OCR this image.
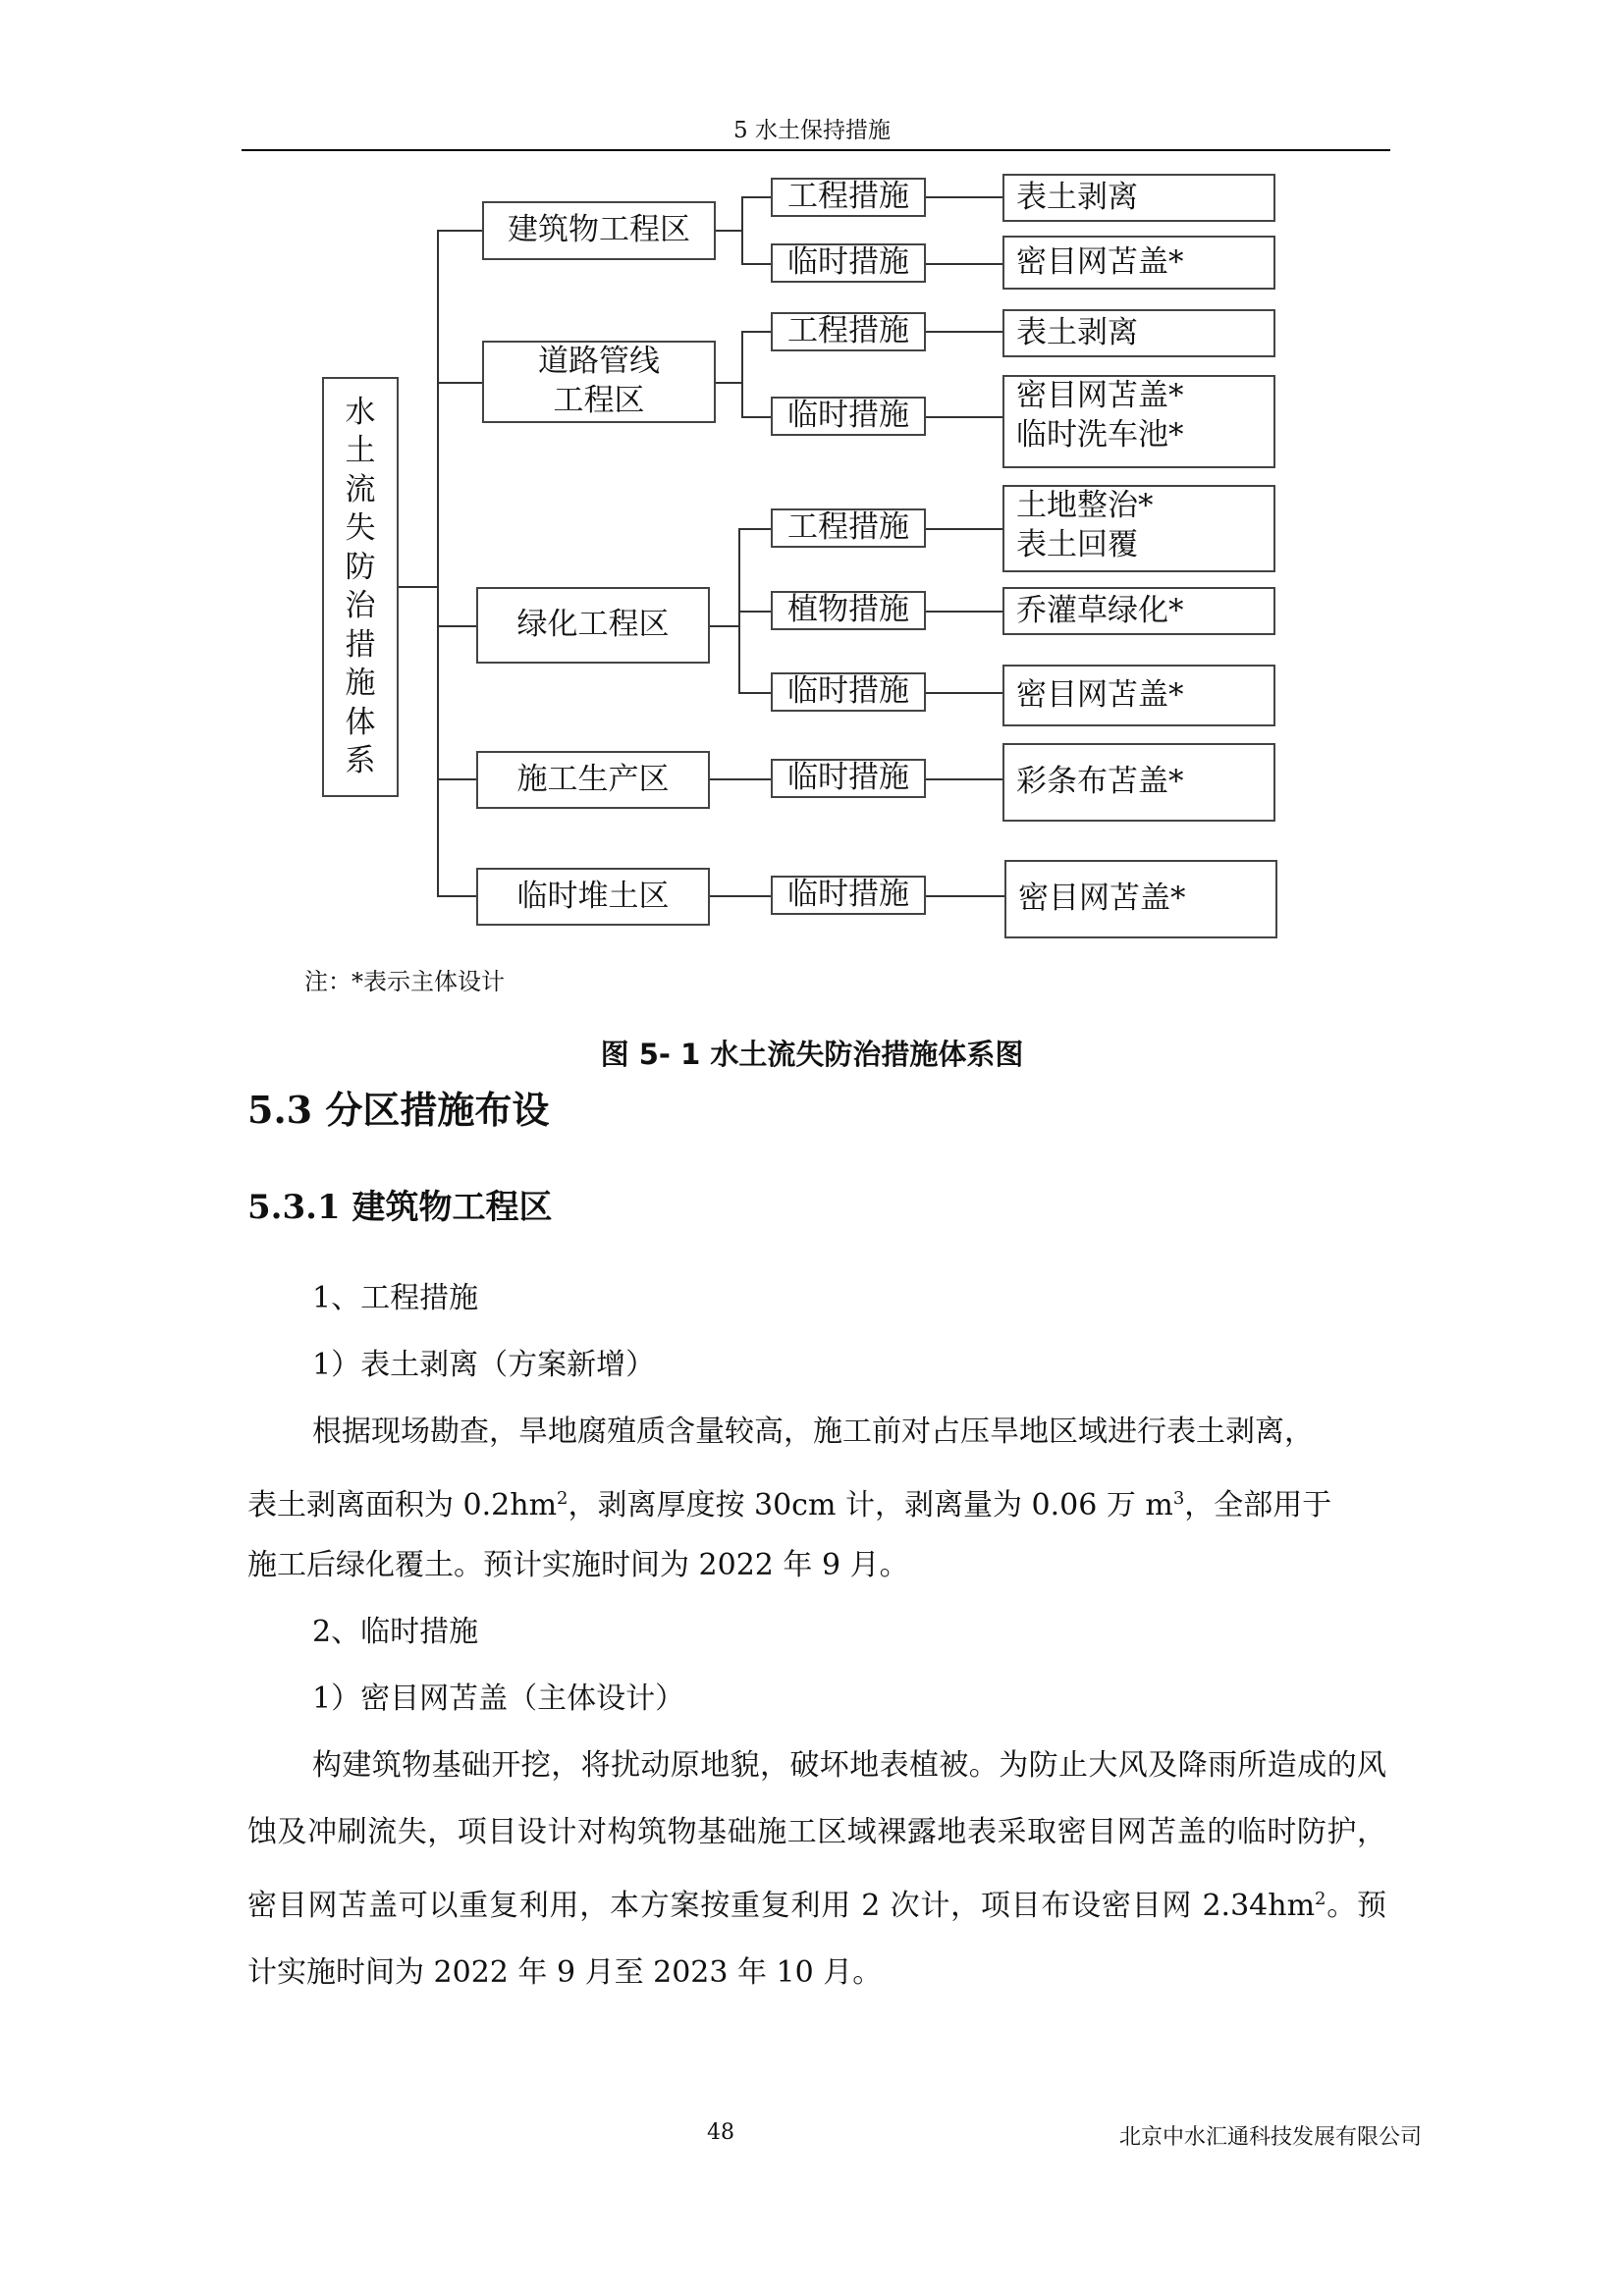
5 水土保持措施
水
土
流
失
防
治
措
施
体
系
建筑物工程区
道路管线
工程区
绿化工程区
施工生产区
临时堆土区
工程措施
临时措施
工程措施
临时措施
工程措施
植物措施
临时措施
临时措施
临时措施
表土剥离
密目网苫盖*
表土剥离
密目网苫盖*
临时洗车池*
土地整治*
表土回覆
乔灌草绿化*
密目网苫盖*
彩条布苫盖*
密目网苫盖*
注：*表示主体设计
图 5- 1 水土流失防治措施体系图
5.3 分区措施布设
5.3.1 建筑物工程区
1、工程措施
1）表土剥离（方案新增）
根据现场勘查，旱地腐殖质含量较高，施工前对占压旱地区域进行表土剥离，
表土剥离面积为 $0.2hm^2$，剥离厚度按 30cm 计，剥离量为 0.06 万 $m^3$，全部用于
施工后绿化覆土。预计实施时间为 2022 年 9 月。
2、临时措施
1）密目网苫盖（主体设计）
构建筑物基础开挖，将扰动原地貌，破坏地表植被。为防止大风及降雨所造成的风蚀及冲刷流失，项目设计对构筑物基础施工区域裸露地表采取密目网苫盖的临时防护，密目网苫盖可以重复利用，本方案按重复利用 2 次计，项目布设密目网 $2.34hm^2$。预计实施时间为 2022 年 9 月至 2023 年 10 月。
48	北京中水汇通科技发展有限公司
